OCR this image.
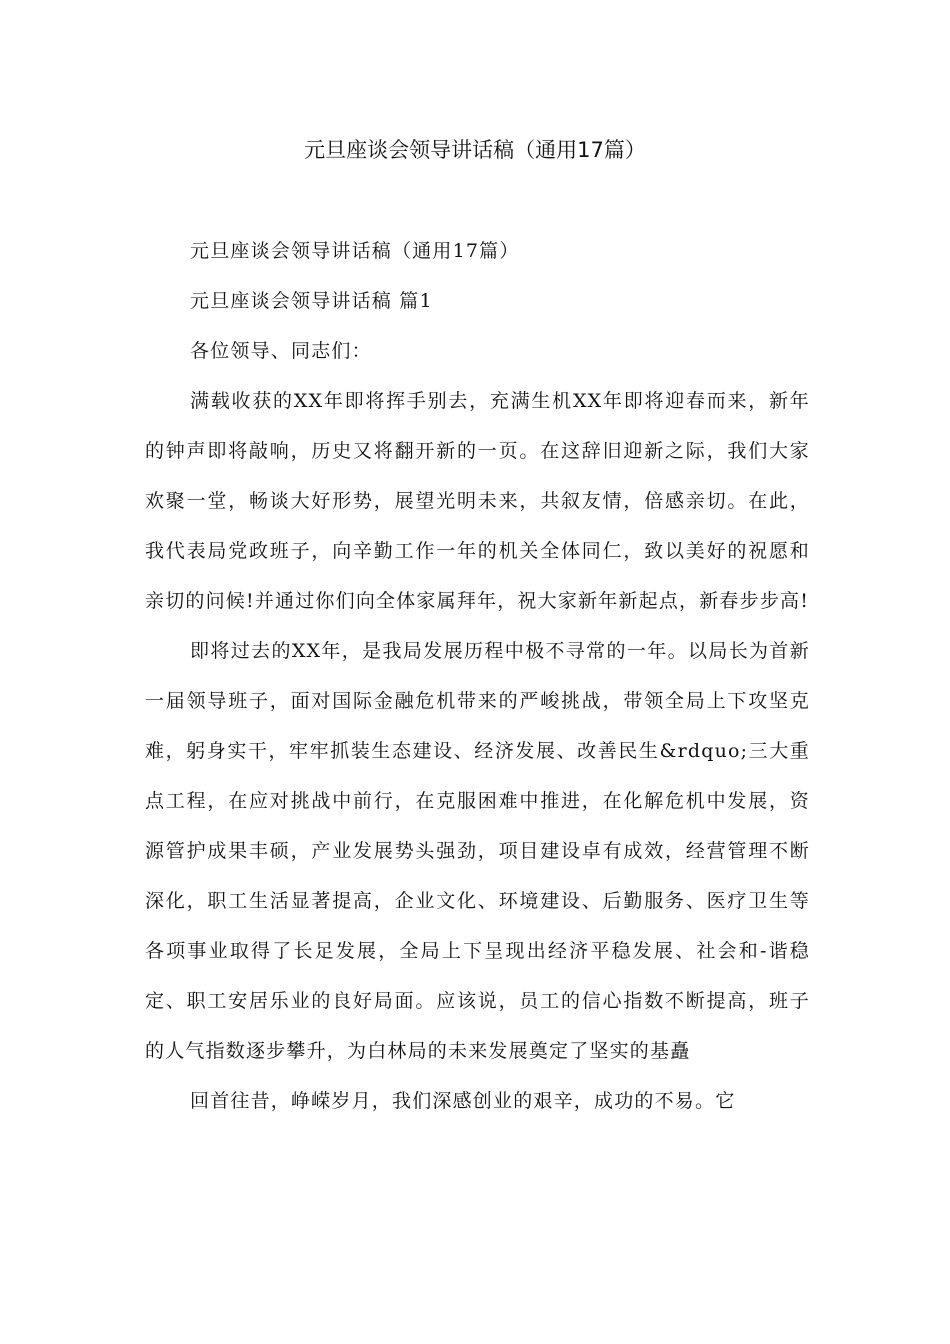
元旦座谈会领导讲话稿（通用17篇）

元旦座谈会领导讲话稿（通用17篇）

元旦座谈会领导讲话稿 篇1

各位领导、同志们：

满载收获的XX年即将挥手别去，充满生机XX年即将迎春而来，新年的钟声即将敲响，历史又将翻开新的一页。在这辞旧迎新之际，我们大家欢聚一堂，畅谈大好形势，展望光明未来，共叙友情，倍感亲切。在此，我代表局党政班子，向辛勤工作一年的机关全体同仁，致以美好的祝愿和亲切的问候!并通过你们向全体家属拜年，祝大家新年新起点，新春步步高!

即将过去的XX年，是我局发展历程中极不寻常的一年。以局长为首新一届领导班子，面对国际金融危机带来的严峻挑战，带领全局上下攻坚克难，躬身实干，牢牢抓装生态建设、经济发展、改善民生&rdquo;三大重点工程，在应对挑战中前行，在克服困难中推进，在化解危机中发展，资源管护成果丰硕，产业发展势头强劲，项目建设卓有成效，经营管理不断深化，职工生活显著提高，企业文化、环境建设、后勤服务、医疗卫生等各项事业取得了长足发展，全局上下呈现出经济平稳发展、社会和-谐稳定、职工安居乐业的良好局面。应该说，员工的信心指数不断提高，班子的人气指数逐步攀升，为白林局的未来发展奠定了坚实的基矗

回首往昔，峥嵘岁月，我们深感创业的艰辛，成功的不易。它
